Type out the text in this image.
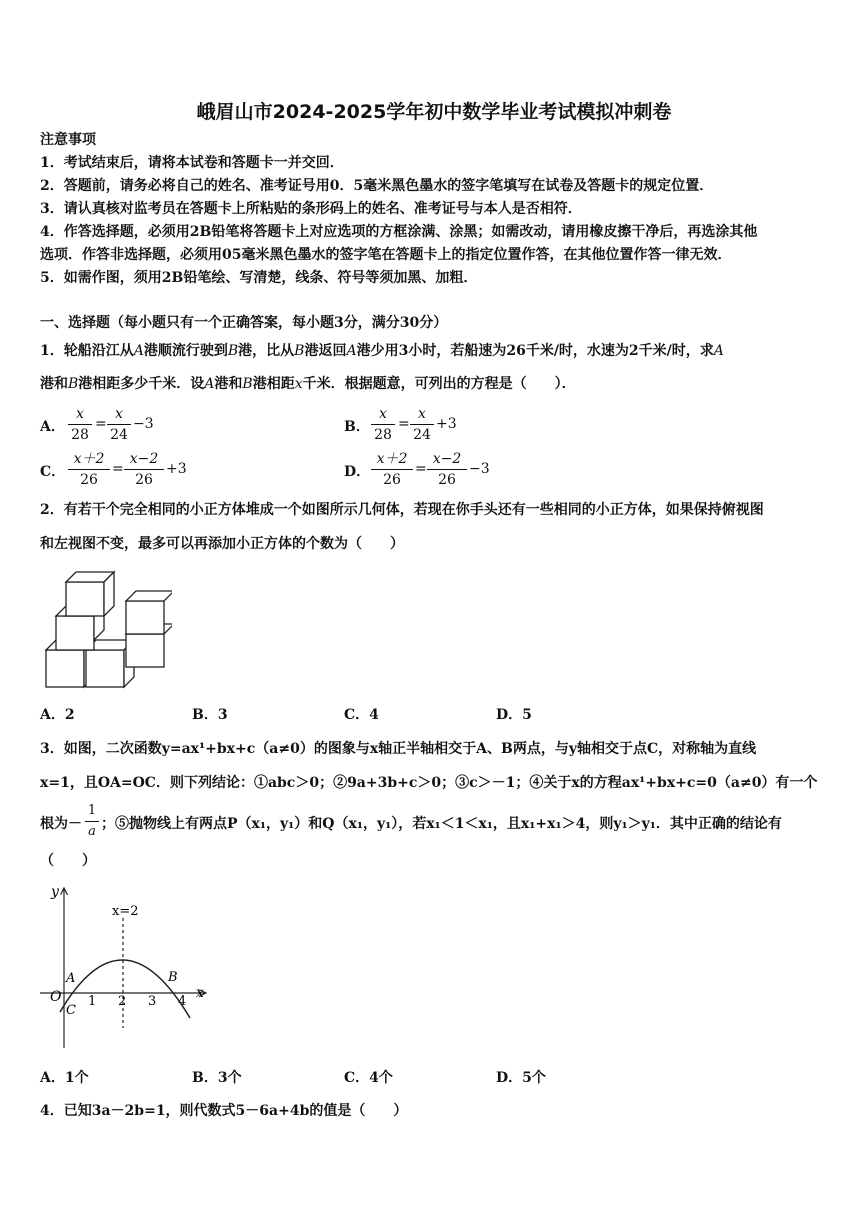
峨眉山市2024-2025学年初中数学毕业考试模拟冲刺卷
注意事项
1．考试结束后，请将本试卷和答题卡一并交回．
2．答题前，请务必将自己的姓名、准考证号用0．5毫米黑色墨水的签字笔填写在试卷及答题卡的规定位置．
3．请认真核对监考员在答题卡上所粘贴的条形码上的姓名、准考证号与本人是否相符．
4．作答选择题，必须用2B铅笔将答题卡上对应选项的方框涂满、涂黑；如需改动，请用橡皮擦干净后，再选涂其他
选项．作答非选择题，必须用05毫米黑色墨水的签字笔在答题卡上的指定位置作答，在其他位置作答一律无效．
5．如需作图，须用2B铅笔绘、写清楚，线条、符号等须加黑、加粗．
一、选择题（每小题只有一个正确答案，每小题3分，满分30分）
1．轮船沿江从A港顺流行驶到B港，比从B港返回A港少用3小时，若船速为26千米/时，水速为2千米/时，求A
港和B港相距多少千米．设A港和B港相距x千米．根据题意，可列出的方程是（　　）．
A．
x
28
=
x
24
−3	B．
x
28
=
x
24
+3
C．
x＋2
26
=
x−2
26
+3	D．
x＋2
26
=
x−2
26
−3
2．有若干个完全相同的小正方体堆成一个如图所示几何体，若现在你手头还有一些相同的小正方体，如果保持俯视图
和左视图不变，最多可以再添加小正方体的个数为（　　）
A．2	B．3	C．4	D．5
3．如图，二次函数y=ax¹+bx+c（a≠0）的图象与x轴正半轴相交于A、B两点，与y轴相交于点C，对称轴为直线
x=1，且OA=OC．则下列结论：①abc＞0；②9a+3b+c＞0；③c＞－1；④关于x的方程ax¹+bx+c=0（a≠0）有一个
根为－
1
a ；⑤抛物线上有两点P（x₁，y₁）和Q（x₁，y₁），若x₁＜1＜x₁，且x₁+x₁＞4，则y₁＞y₁．其中正确的结论有
（　　）
y
x
x=2
O
A	B
C
1 2 3 4
A．1个	B．3个	C．4个	D．5个
4．已知3a－2b=1，则代数式5－6a+4b的值是（　　）
